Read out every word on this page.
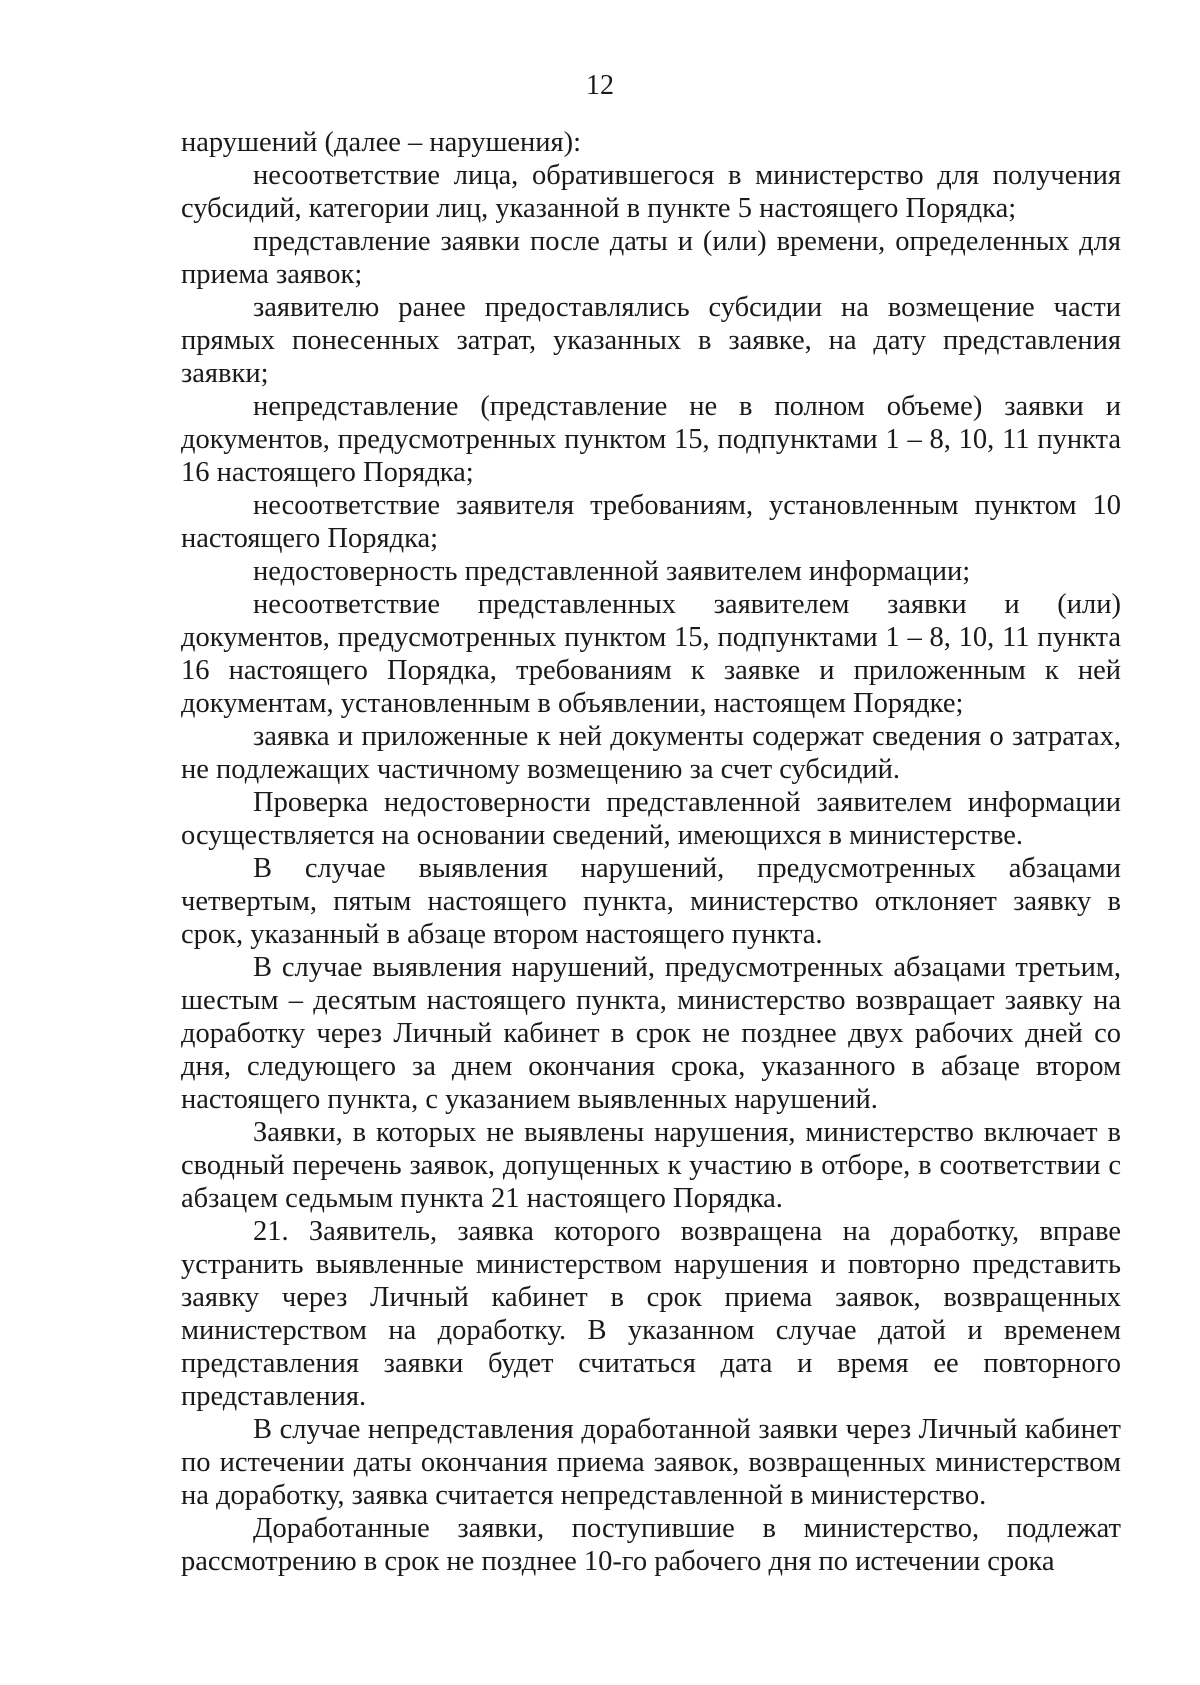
12

нарушений (далее – нарушения):

несоответствие лица, обратившегося в министерство для получения субсидий, категории лиц, указанной в пункте 5 настоящего Порядка;

представление заявки после даты и (или) времени, определенных для приема заявок;

заявителю ранее предоставлялись субсидии на возмещение части прямых понесенных затрат, указанных в заявке, на дату представления заявки;

непредставление (представление не в полном объеме) заявки и документов, предусмотренных пунктом 15, подпунктами 1 – 8, 10, 11 пункта 16 настоящего Порядка;

несоответствие заявителя требованиям, установленным пунктом 10 настоящего Порядка;

недостоверность представленной заявителем информации;

несоответствие представленных заявителем заявки и (или) документов, предусмотренных пунктом 15, подпунктами 1 – 8, 10, 11 пункта 16 настоящего Порядка, требованиям к заявке и приложенным к ней документам, установленным в объявлении, настоящем Порядке;

заявка и приложенные к ней документы содержат сведения о затратах, не подлежащих частичному возмещению за счет субсидий.

Проверка недостоверности представленной заявителем информации осуществляется на основании сведений, имеющихся в министерстве.

В случае выявления нарушений, предусмотренных абзацами четвертым, пятым настоящего пункта, министерство отклоняет заявку в срок, указанный в абзаце втором настоящего пункта.

В случае выявления нарушений, предусмотренных абзацами третьим, шестым – десятым настоящего пункта, министерство возвращает заявку на доработку через Личный кабинет в срок не позднее двух рабочих дней со дня, следующего за днем окончания срока, указанного в абзаце втором настоящего пункта, с указанием выявленных нарушений.

Заявки, в которых не выявлены нарушения, министерство включает в сводный перечень заявок, допущенных к участию в отборе, в соответствии с абзацем седьмым пункта 21 настоящего Порядка.

21. Заявитель, заявка которого возвращена на доработку, вправе устранить выявленные министерством нарушения и повторно представить заявку через Личный кабинет в срок приема заявок, возвращенных министерством на доработку. В указанном случае датой и временем представления заявки будет считаться дата и время ее повторного представления.

В случае непредставления доработанной заявки через Личный кабинет по истечении даты окончания приема заявок, возвращенных министерством на доработку, заявка считается непредставленной в министерство.

Доработанные заявки, поступившие в министерство, подлежат рассмотрению в срок не позднее 10-го рабочего дня по истечении срока
